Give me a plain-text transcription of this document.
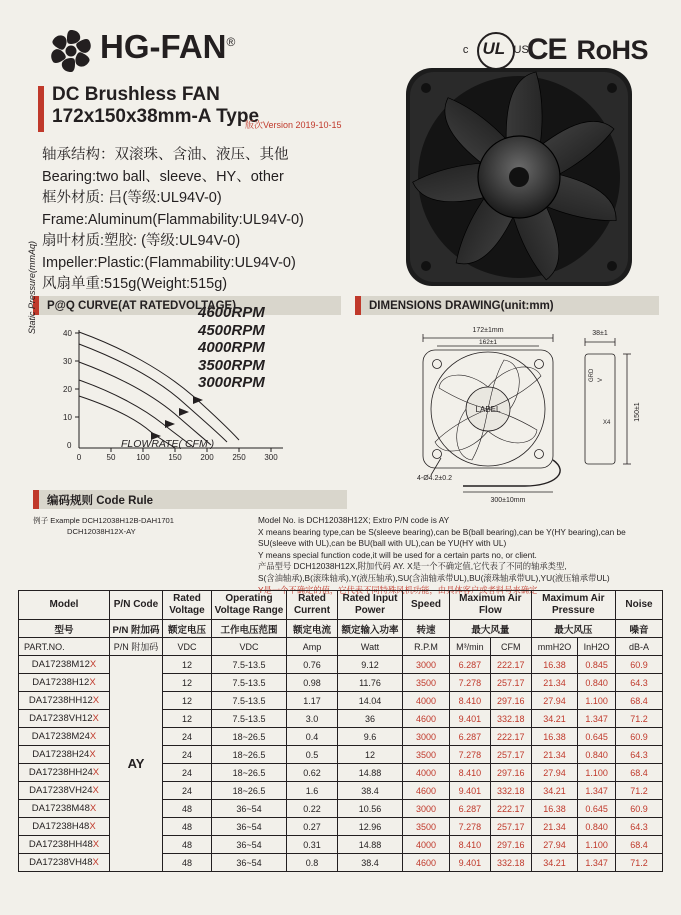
HG-FAN®	UL
c	US
CE RoHS
DC Brushless FAN
172x150x38mm-A Type
版次Version 2019-10-15
轴承结构：双滚珠、含油、液压、其他
Bearing:two ball、sleeve、HY、other
框外材质: 吕(等级:UL94V-0)
Frame:Aluminum(Flammability:UL94V-0)
扇叶材质:塑胶: (等级:UL94V-0)
Impeller:Plastic:(Flammability:UL94V-0)
风扇单重:515g(Weight:515g)
P@Q CURVE(AT RATEDVOLTAGE)
40
30
20
10
0
0	50	100 150 200 250 300
Static Pressure(mmAq)
FLOWRATE( CFM )
4600RPM
4500RPM
4000RPM
3500RPM
3000RPM
DIMENSIONS DRAWING(unit:mm)
LABEL
172±1mm
162±1
38±1
150±1
GRD V
X4
300±10mm
4-Ø4.2±0.2
编码规则 Code Rule
例子 Example DCH12038H12B-DAH1701
DCH12038H12X-AY
Model No. is DCH12038H12X; Extro P/N code is AY
X means bearing type,can be S(sleeve bearing),can be B(ball bearing),can be Y(HY bearing),can be
SU(sleeve with UL),can be BU(ball with UL),can be YU(HY with UL)
Y means special function code,it will be used for a certain parts no, or client.
产品型号 DCH12038H12X,附加代码 AY. X是一个不确定值,它代表了不同的轴承类型,
S(含油轴承),B(滚珠轴承),Y(液压轴承),SU(含油轴承带UL),BU(滚珠轴承带UL),YU(液压轴承带UL)
Y是一个不确定的值，它代表不同特殊风机功能，由具体客户或者料号来确定
Model	P/N Code	Rated Voltage	Operating Voltage Range	Rated Current	Rated Input Power	Speed	Maximum Air Flow		Maximum Air Pressure		Noise

型号	P/N 附加码	额定电压	工作电压范围	额定电流	额定输入功率	转速	最大风量		最大风压		噪音
PART.NO.	P/N 附加码	VDC	VDC	Amp	Watt	R.P.M	M³/min	CFM	mmH2O	InH2O	dB-A
DA17238M12X	AY	12	7.5-13.5	0.76	9.12	3000	6.287	222.17	16.38	0.845	60.9
DA17238H12X		12	7.5-13.5	0.98	11.76	3500	7.278	257.17	21.34	0.840	64.3
DA17238HH12X		12	7.5-13.5	1.17	14.04	4000	8.410	297.16	27.94	1.100	68.4
DA17238VH12X		12	7.5-13.5	3.0	36	4600	9.401	332.18	34.21	1.347	71.2
DA17238M24X		24	18~26.5	0.4	9.6	3000	6.287	222.17	16.38	0.645	60.9
DA17238H24X		24	18~26.5	0.5	12	3500	7.278	257.17	21.34	0.840	64.3
DA17238HH24X		24	18~26.5	0.62	14.88	4000	8.410	297.16	27.94	1.100	68.4
DA17238VH24X		24	18~26.5	1.6	38.4	4600	9.401	332.18	34.21	1.347	71.2
DA17238M48X		48	36~54	0.22	10.56	3000	6.287	222.17	16.38	0.645	60.9
DA17238H48X		48	36~54	0.27	12.96	3500	7.278	257.17	21.34	0.840	64.3
DA17238HH48X		48	36~54	0.31	14.88	4000	8.410	297.16	27.94	1.100	68.4
DA17238VH48X		48	36~54	0.8	38.4	4600	9.401	332.18	34.21	1.347	71.2
